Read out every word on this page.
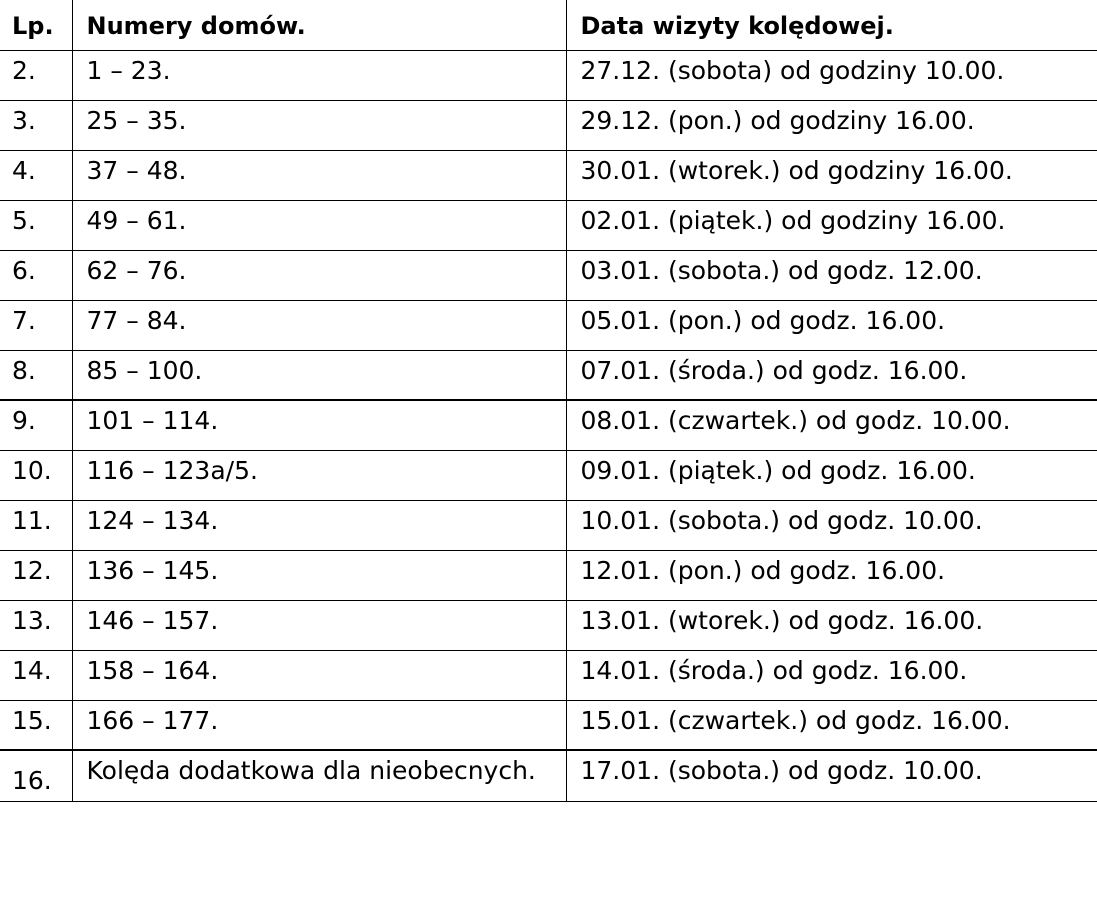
Lp.	Numery domów.	Data wizyty kolędowej.
2.	1 – 23.	27.12. (sobota) od godziny 10.00.
3.	25 – 35.	29.12. (pon.) od godziny 16.00.
4.	37 – 48.	30.01. (wtorek.) od godziny 16.00.
5.	49 – 61.	02.01. (piątek.) od godziny 16.00.
6.	62 – 76.	03.01. (sobota.) od godz. 12.00.
7.	77 – 84.	05.01. (pon.) od godz. 16.00.
8.	85 – 100.	07.01. (środa.) od godz. 16.00.
9.	101 – 114.	08.01. (czwartek.) od godz. 10.00.
10.	116 – 123a/5.	09.01. (piątek.) od godz. 16.00.
11.	124 – 134.	10.01. (sobota.) od godz. 10.00.
12.	136 – 145.	12.01. (pon.) od godz. 16.00.
13.	146 – 157.	13.01. (wtorek.) od godz. 16.00.
14.	158 – 164.	14.01. (środa.) od godz. 16.00.
15.	166 – 177.	15.01. (czwartek.) od godz. 16.00.
16.	Kolęda dodatkowa dla nieobecnych.	17.01. (sobota.) od godz. 10.00.
